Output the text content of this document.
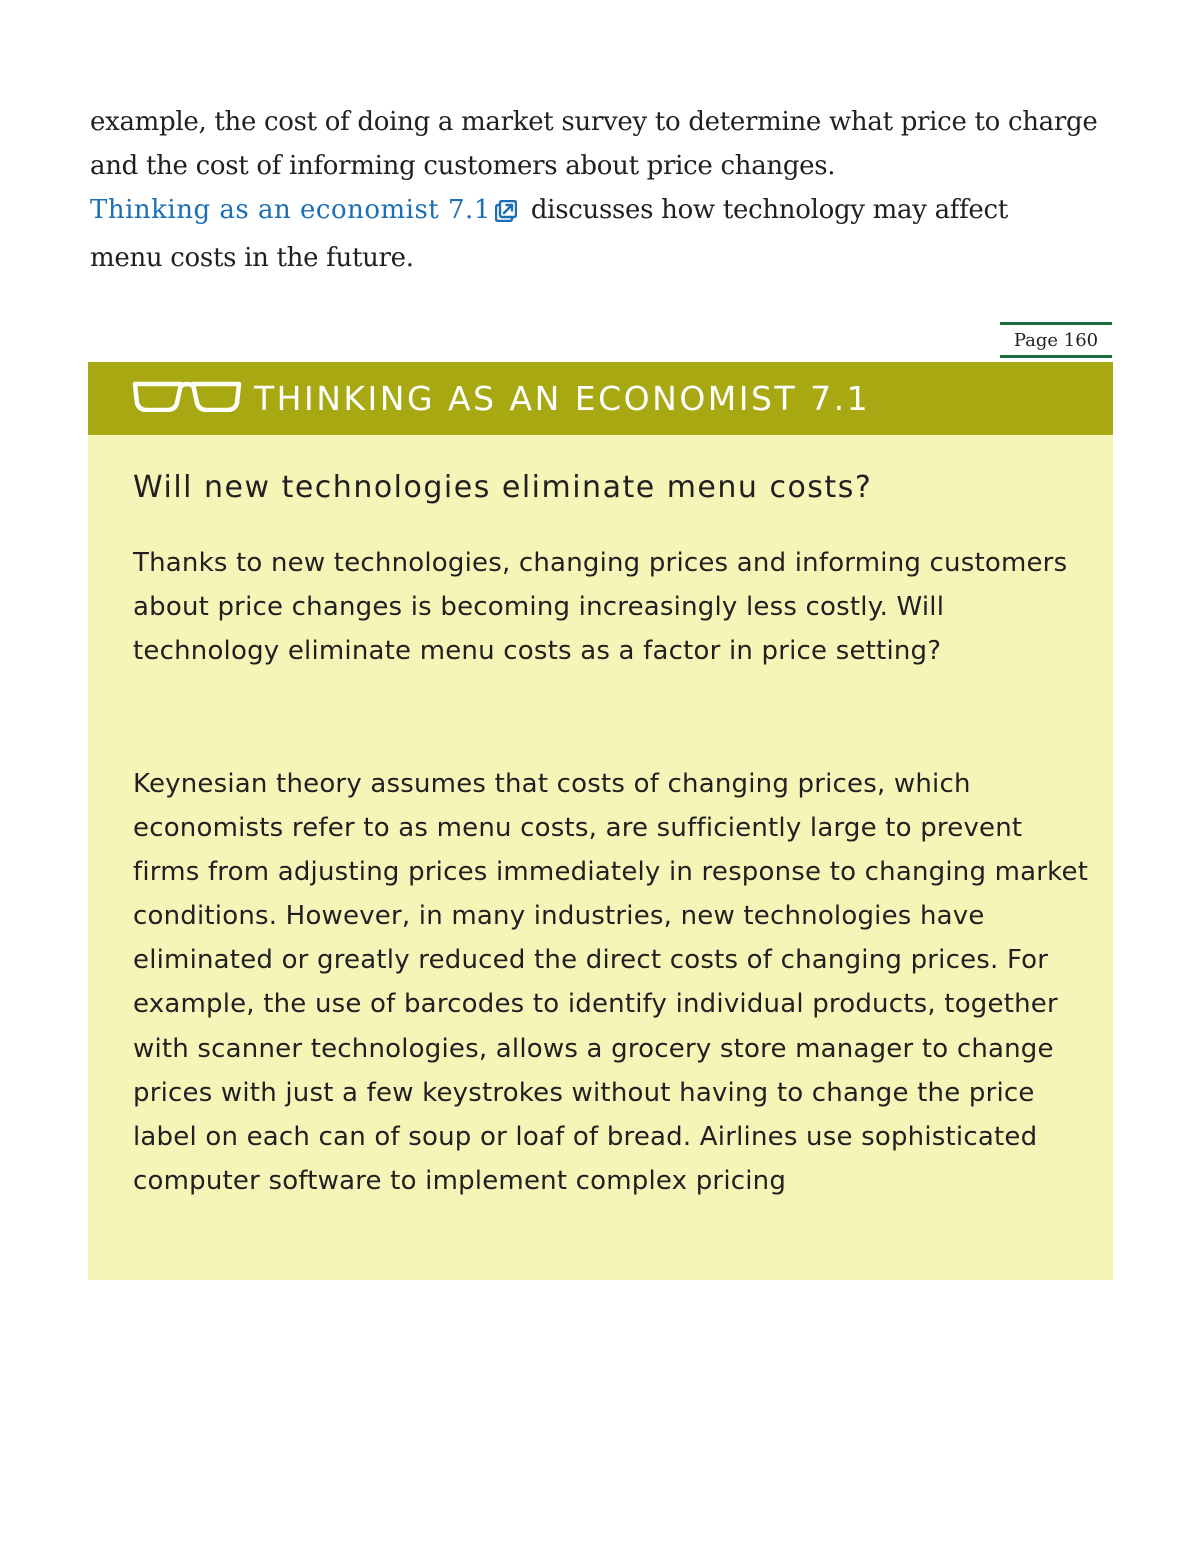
example, the cost of doing a market survey to determine what price to charge

and the cost of informing customers about price changes.

Thinking as an economist 7.1 discusses how technology may affect

menu costs in the future.

Page 160
THINKING AS AN ECONOMIST 7.1
Will new technologies eliminate menu costs?

Thanks to new technologies, changing prices and informing customers about price changes is becoming increasingly less costly. Will technology eliminate menu costs as a factor in price setting?

Keynesian theory assumes that costs of changing prices, which economists refer to as menu costs, are sufficiently large to prevent firms from adjusting prices immediately in response to changing market conditions. However, in many industries, new technologies have eliminated or greatly reduced the direct costs of changing prices. For example, the use of barcodes to identify individual products, together with scanner technologies, allows a grocery store manager to change prices with just a few keystrokes without having to change the price label on each can of soup or loaf of bread. Airlines use sophisticated computer software to implement complex pricing
